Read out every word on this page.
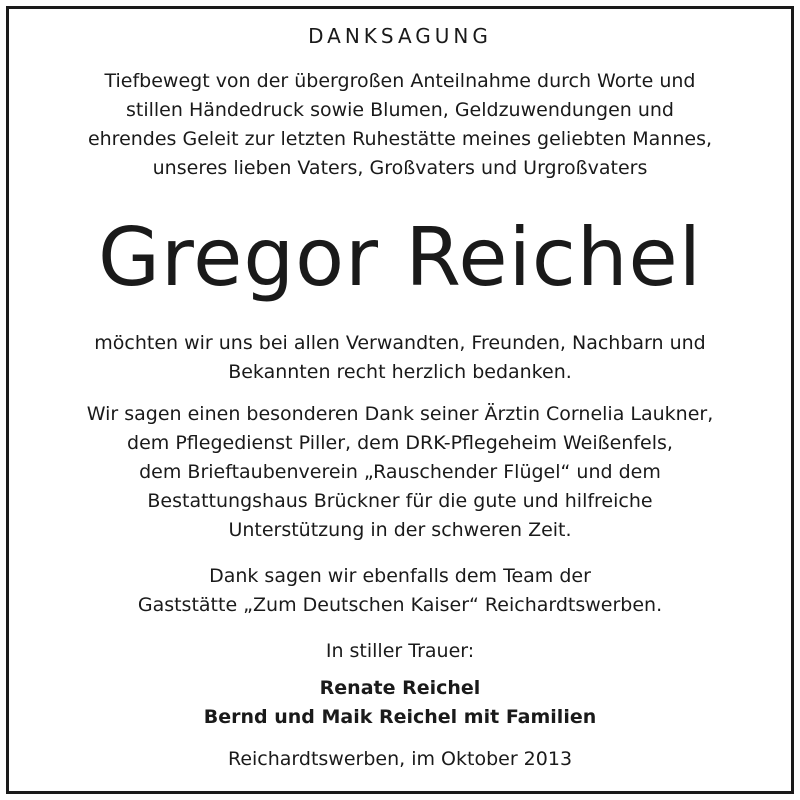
DANKSAGUNG
Tiefbewegt von der übergroßen Anteilnahme durch Worte und
stillen Händedruck sowie Blumen, Geldzuwendungen und
ehrendes Geleit zur letzten Ruhestätte meines geliebten Mannes,
unseres lieben Vaters, Großvaters und Urgroßvaters
Gregor Reichel
möchten wir uns bei allen Verwandten, Freunden, Nachbarn und
Bekannten recht herzlich bedanken.
Wir sagen einen besonderen Dank seiner Ärztin Cornelia Laukner,
dem Pflegedienst Piller, dem DRK-Pflegeheim Weißenfels,
dem Brieftaubenverein „Rauschender Flügel“ und dem
Bestattungshaus Brückner für die gute und hilfreiche
Unterstützung in der schweren Zeit.
Dank sagen wir ebenfalls dem Team der
Gaststätte „Zum Deutschen Kaiser“ Reichardtswerben.
In stiller Trauer:
Renate Reichel
Bernd und Maik Reichel mit Familien
Reichardtswerben, im Oktober 2013
